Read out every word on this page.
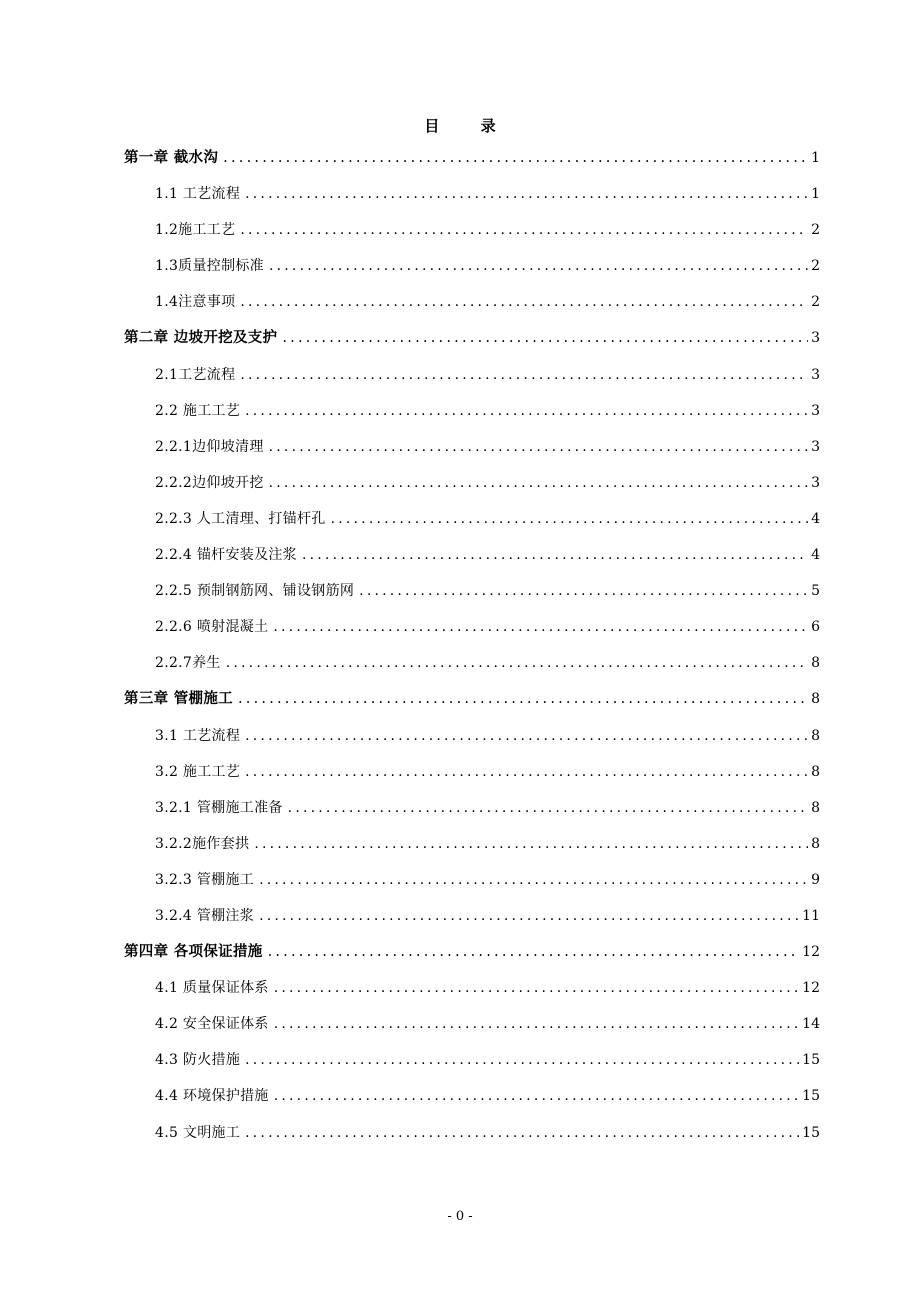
目 录
第一章 截水沟 .....	1
1.1 工艺流程 .....	1
1.2施工工艺 .....	2
1.3质量控制标准 .....	2
1.4注意事项 .....	2
第二章 边坡开挖及支护 .....	3
2.1工艺流程 .....	3
2.2 施工工艺 .....	3
2.2.1边仰坡清理 .....	3
2.2.2边仰坡开挖 .....	3
2.2.3 人工清理、打锚杆孔 .....	4
2.2.4 锚杆安装及注浆 .....	4
2.2.5 预制钢筋网、铺设钢筋网 .....	5
2.2.6 喷射混凝土 .....	6
2.2.7养生 .....	8
第三章 管棚施工 .....	8
3.1 工艺流程 .....	8
3.2 施工工艺 .....	8
3.2.1 管棚施工准备 .....	8
3.2.2施作套拱 .....	8
3.2.3 管棚施工 .....	9
3.2.4 管棚注浆 .....	11
第四章 各项保证措施 .....	12
4.1 质量保证体系 .....	12
4.2 安全保证体系 .....	14
4.3 防火措施 .....	15
4.4 环境保护措施 .....	15
4.5 文明施工 .....	15
- 0 -
